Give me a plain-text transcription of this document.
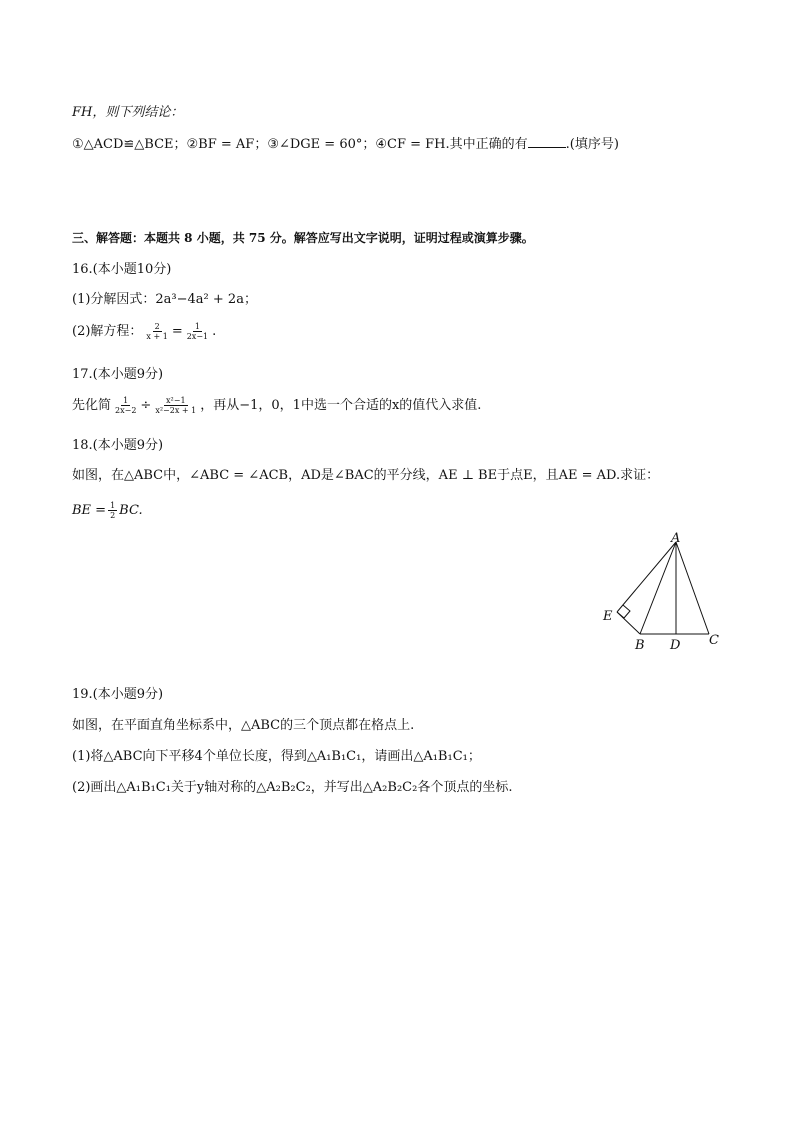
FH，则下列结论：
①△ACD≌△BCE；②BF = AF；③∠DGE = 60°；④CF = FH.其中正确的有	.(填序号)
三、解答题：本题共 8 小题，共 75 分。解答应写出文字说明，证明过程或演算步骤。
16.(本小题10分)
(1)分解因式：2a³−4a² + 2a；
(2)解方程： $\frac{2}{x + 1} = \frac{1}{2x-1}$ .
17.(本小题9分)
先化简 $\frac{1}{2x-2} \div \frac{\text{x²−1}}{\text{x²−2x + 1}}$ ，再从−1，0，1中选一个合适的x的值代入求值.
18.(本小题9分)
如图，在△ABC中，∠ABC = ∠ACB，AD是∠BAC的平分线，AE ⊥ BE于点E，且AE = AD.求证：
BE = $\frac{1}{2}$ BC.
A
E
B D C
19.(本小题9分)
如图，在平面直角坐标系中，△ABC的三个顶点都在格点上.
(1)将△ABC向下平移4个单位长度，得到△A₁B₁C₁，请画出△A₁B₁C₁；
(2)画出△A₁B₁C₁关于y轴对称的△A₂B₂C₂，并写出△A₂B₂C₂各个顶点的坐标.
